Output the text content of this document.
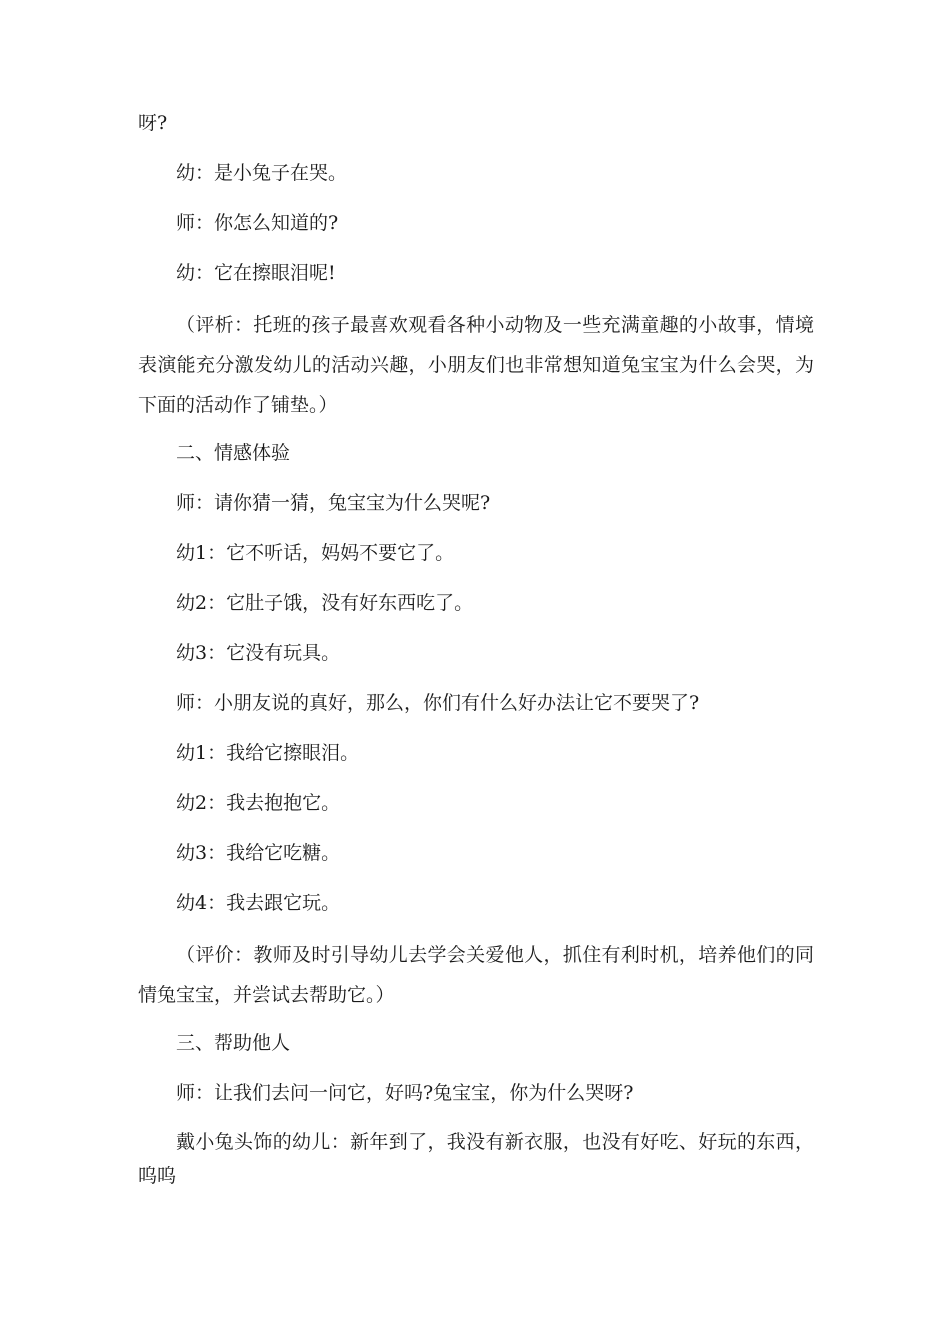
呀?

幼：是小兔子在哭。

师：你怎么知道的?

幼：它在擦眼泪呢!

（评析：托班的孩子最喜欢观看各种小动物及一些充满童趣的小故事，情境表演能充分激发幼儿的活动兴趣，小朋友们也非常想知道兔宝宝为什么会哭，为下面的活动作了铺垫。）

二、情感体验

师：请你猜一猜，兔宝宝为什么哭呢?

幼1：它不听话，妈妈不要它了。

幼2：它肚子饿，没有好东西吃了。

幼3：它没有玩具。

师：小朋友说的真好，那么，你们有什么好办法让它不要哭了?

幼1：我给它擦眼泪。

幼2：我去抱抱它。

幼3：我给它吃糖。

幼4：我去跟它玩。

（评价：教师及时引导幼儿去学会关爱他人，抓住有利时机，培养他们的同情兔宝宝，并尝试去帮助它。）

三、帮助他人

师：让我们去问一问它，好吗?兔宝宝，你为什么哭呀?

戴小兔头饰的幼儿：新年到了，我没有新衣服，也没有好吃、好玩的东西，呜呜
